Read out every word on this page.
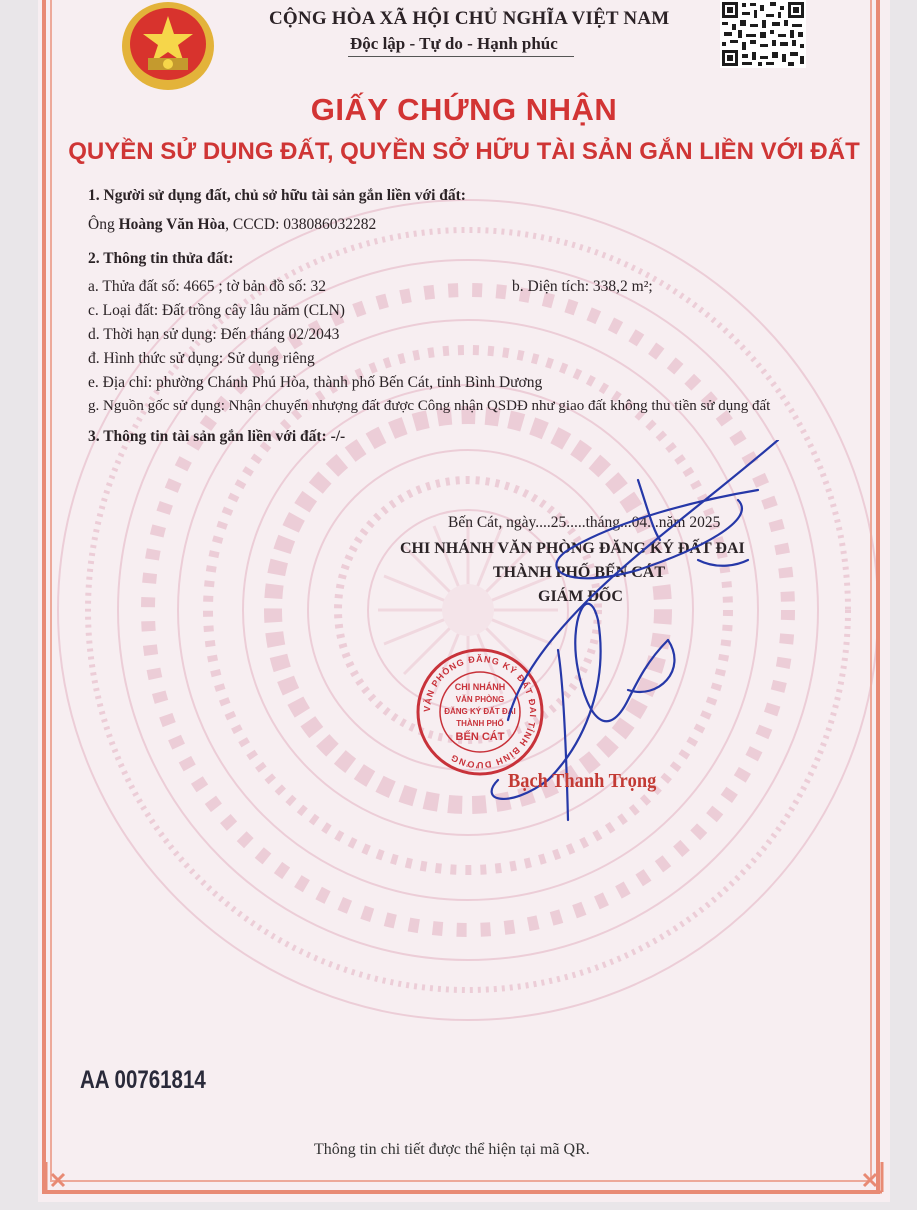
CỘNG HÒA XÃ HỘI CHỦ NGHĨA VIỆT NAM
Độc lập - Tự do - Hạnh phúc
GIẤY CHỨNG NHẬN
QUYỀN SỬ DỤNG ĐẤT, QUYỀN SỞ HỮU TÀI SẢN GẮN LIỀN VỚI ĐẤT
1. Người sử dụng đất, chủ sở hữu tài sản gắn liền với đất:
Ông Hoàng Văn Hòa, CCCD: 038086032282
2. Thông tin thửa đất:
a. Thửa đất số: 4665 ; tờ bản đồ số: 32	b. Diện tích: 338,2 m²;
c. Loại đất: Đất trồng cây lâu năm (CLN)
d. Thời hạn sử dụng: Đến tháng 02/2043
đ. Hình thức sử dụng: Sử dụng riêng
e. Địa chỉ: phường Chánh Phú Hòa, thành phố Bến Cát, tỉnh Bình Dương
g. Nguồn gốc sử dụng: Nhận chuyển nhượng đất được Công nhận QSDĐ như giao đất không thu tiền sử dụng đất
3. Thông tin tài sản gắn liền với đất: -/-
Bến Cát, ngày....25.....tháng...04...năm 2025
CHI NHÁNH VĂN PHÒNG ĐĂNG KÝ ĐẤT ĐAI
THÀNH PHỐ BẾN CÁT
GIÁM ĐỐC
VĂN PHÒNG ĐĂNG KÝ ĐẤT ĐAI TỈNH BÌNH DƯƠNG
CHI NHÁNH
VĂN PHÒNG
ĐĂNG KÝ ĐẤT ĐAI
THÀNH PHỐ
BẾN CÁT
Bạch Thanh Trọng
AA 00761814
Thông tin chi tiết được thể hiện tại mã QR.
